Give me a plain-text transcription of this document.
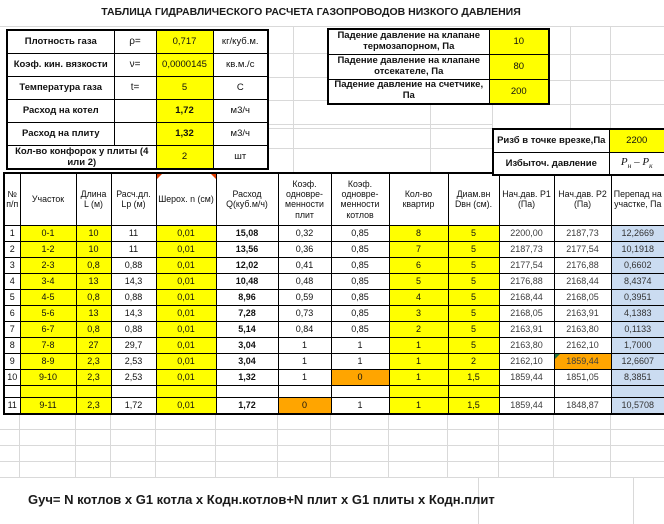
ТАБЛИЦА ГИДРАВЛИЧЕСКОГО РАСЧЕТА ГАЗОПРОВОДОВ НИЗКОГО ДАВЛЕНИЯ
Плотность газа	ρ=	0,717	кг/куб.м.
Коэф. кин. вязкости	ν=	0,0000145	кв.м./с
Температура газа	t=	5	С
Расход на котел		1,72	м3/ч
Расход на плиту		1,32	м3/ч
Кол-во конфорок у плиты (4 или 2)		2	шт
Падение давление на клапане термозапорном, Па	10
Падение давление на клапане отсекателе, Па	80
Падение давление на счетчике, Па	200
Ризб в точке врезке,Па	2200
Избыточ. давление	$P_н - P_к$
№ п/п	Участок	Длина L (м)	Расч.дл. Lp (м)	Шерох. n (см)	Расход Q(куб.м/ч)	Коэф. одновре-менности плит	Коэф. одновре-менности котлов	Кол-во квартир	Диам.вн Dвн (см).	Нач.дав. P1 (Па)	Нач.дав. P2 (Па)	Перепад на участке, Па
1	0-1	10	11	0,01	15,08	0,32	0,85	8	5	2200,00	2187,73	12,2669
2	1-2	10	11	0,01	13,56	0,36	0,85	7	5	2187,73	2177,54	10,1918
3	2-3	0,8	0,88	0,01	12,02	0,41	0,85	6	5	2177,54	2176,88	0,6602
4	3-4	13	14,3	0,01	10,48	0,48	0,85	5	5	2176,88	2168,44	8,4374
5	4-5	0,8	0,88	0,01	8,96	0,59	0,85	4	5	2168,44	2168,05	0,3951
6	5-6	13	14,3	0,01	7,28	0,73	0,85	3	5	2168,05	2163,91	4,1383
7	6-7	0,8	0,88	0,01	5,14	0,84	0,85	2	5	2163,91	2163,80	0,1133
8	7-8	27	29,7	0,01	3,04	1	1	1	5	2163,80	2162,10	1,7000
9	8-9	2,3	2,53	0,01	3,04	1	1	1	2	2162,10	1859,44	12,6607
10	9-10	2,3	2,53	0,01	1,32	1	0	1	1,5	1859,44	1851,05	8,3851

11	9-11	2,3	1,72	0,01	1,72	0	1	1	1,5	1859,44	1848,87	10,5708
Gуч= N котлов x G1 котла x Кодн.котлов+N плит x G1 плиты x Кодн.плит
